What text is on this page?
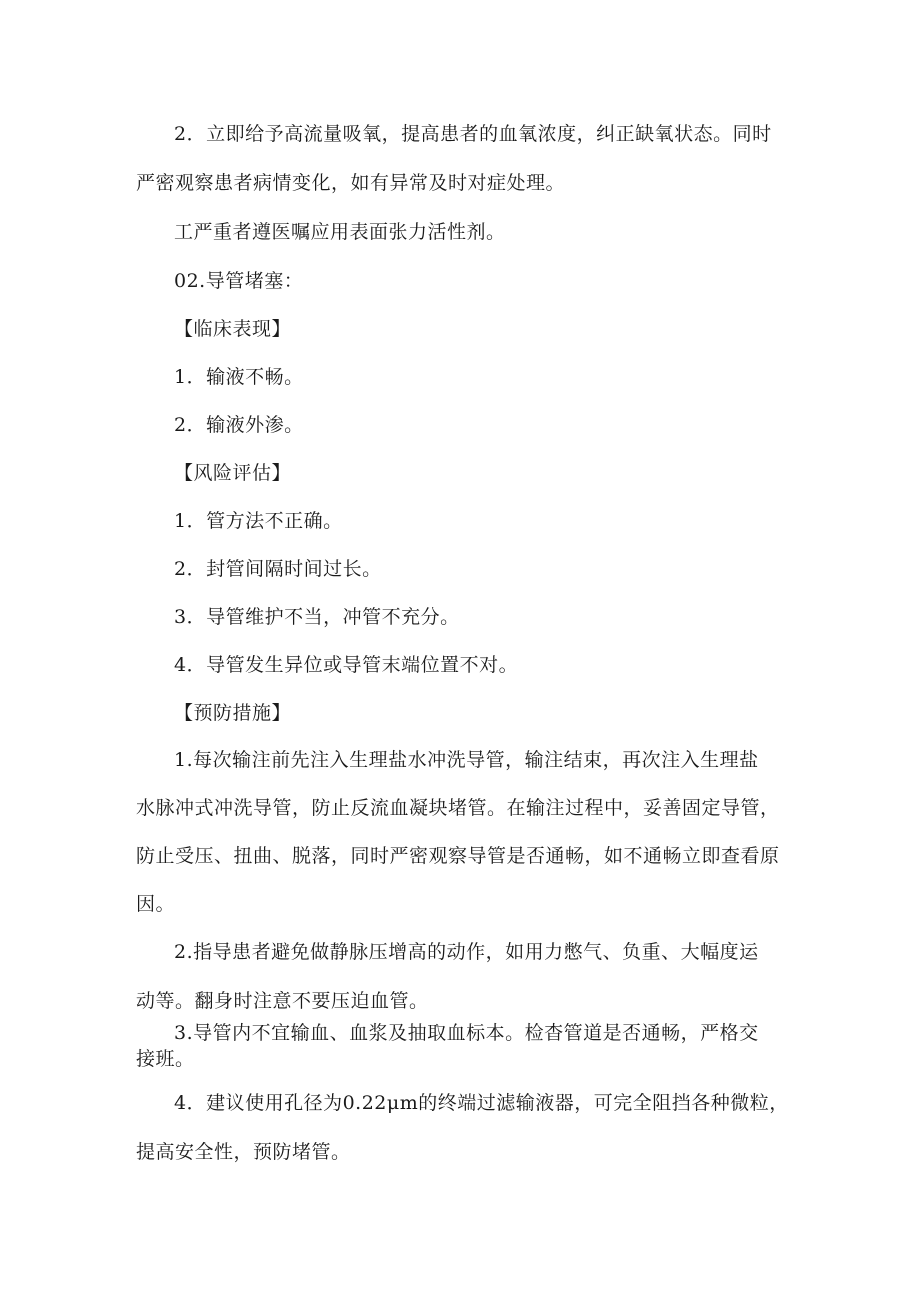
2．立即给予高流量吸氧，提高患者的血氧浓度，纠正缺氧状态。同时
严密观察患者病情变化，如有异常及时对症处理。
工严重者遵医嘱应用表面张力活性剂。
02.导管堵塞：
【临床表现】
1．输液不畅。
2．输液外渗。
【风险评估】
1．管方法不正确。
2．封管间隔时间过长。
3．导管维护不当，冲管不充分。
4．导管发生异位或导管末端位置不对。
【预防措施】
1.每次输注前先注入生理盐水冲洗导管，输注结束，再次注入生理盐
水脉冲式冲洗导管，防止反流血凝块堵管。在输注过程中，妥善固定导管，
防止受压、扭曲、脱落，同时严密观察导管是否通畅，如不通畅立即查看原
因。
2.指导患者避免做静脉压增高的动作，如用力憋气、负重、大幅度运
动等。翻身时注意不要压迫血管。
3.导管内不宜输血、血浆及抽取血标本。检杳管道是否通畅，严格交
接班。
4．建议使用孔径为0.22μm的终端过滤输液器，可完全阻挡各种微粒，
提高安全性，预防堵管。
